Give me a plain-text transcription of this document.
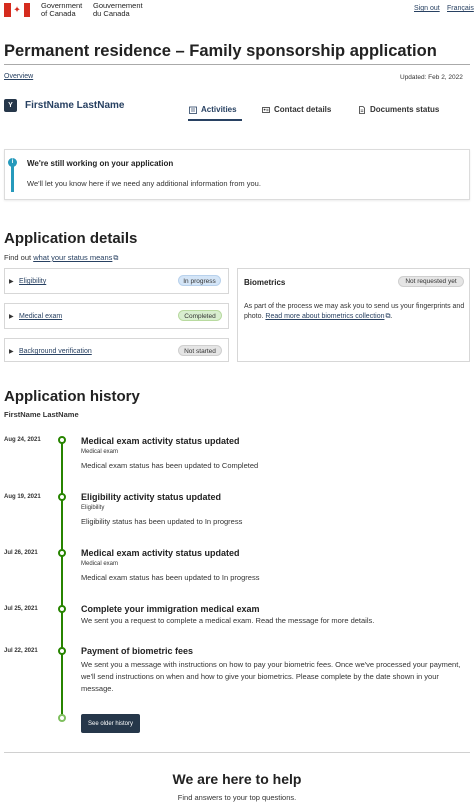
✦	Government
of Canada
Gouvernement
du Canada
Sign out Français
Permanent residence – Family sponsorship application
Overview	Updated: Feb 2, 2022
Y	FirstName LastName	Activities	Contact details	Documents status
i	We're still working on your application
We'll let you know here if we need any additional information from you.
Application details
Find out what your status means⧉
▶ Eligibility	In progress
▶ Medical exam	Completed
▶ Background verification	Not started
Biometrics	Not requested yet
As part of the process we may ask you to send us your fingerprints and photo. Read more about biometrics collection⧉.
Application history
FirstName LastName
Aug 24, 2021	Medical exam activity status updated
Medical exam
Medical exam status has been updated to Completed
Aug 19, 2021	Eligibility activity status updated
Eligibility
Eligibility status has been updated to In progress
Jul 26, 2021	Medical exam activity status updated
Medical exam
Medical exam status has been updated to In progress
Jul 25, 2021	Complete your immigration medical exam
We sent you a request to complete a medical exam. Read the message for more details.
Jul 22, 2021	Payment of biometric fees
We sent you a message with instructions on how to pay your biometric fees. Once we've processed your payment, we'll send instructions on when and how to give your biometrics. Please complete by the date shown in your message.
See older history
We are here to help
Find answers to your top questions.
